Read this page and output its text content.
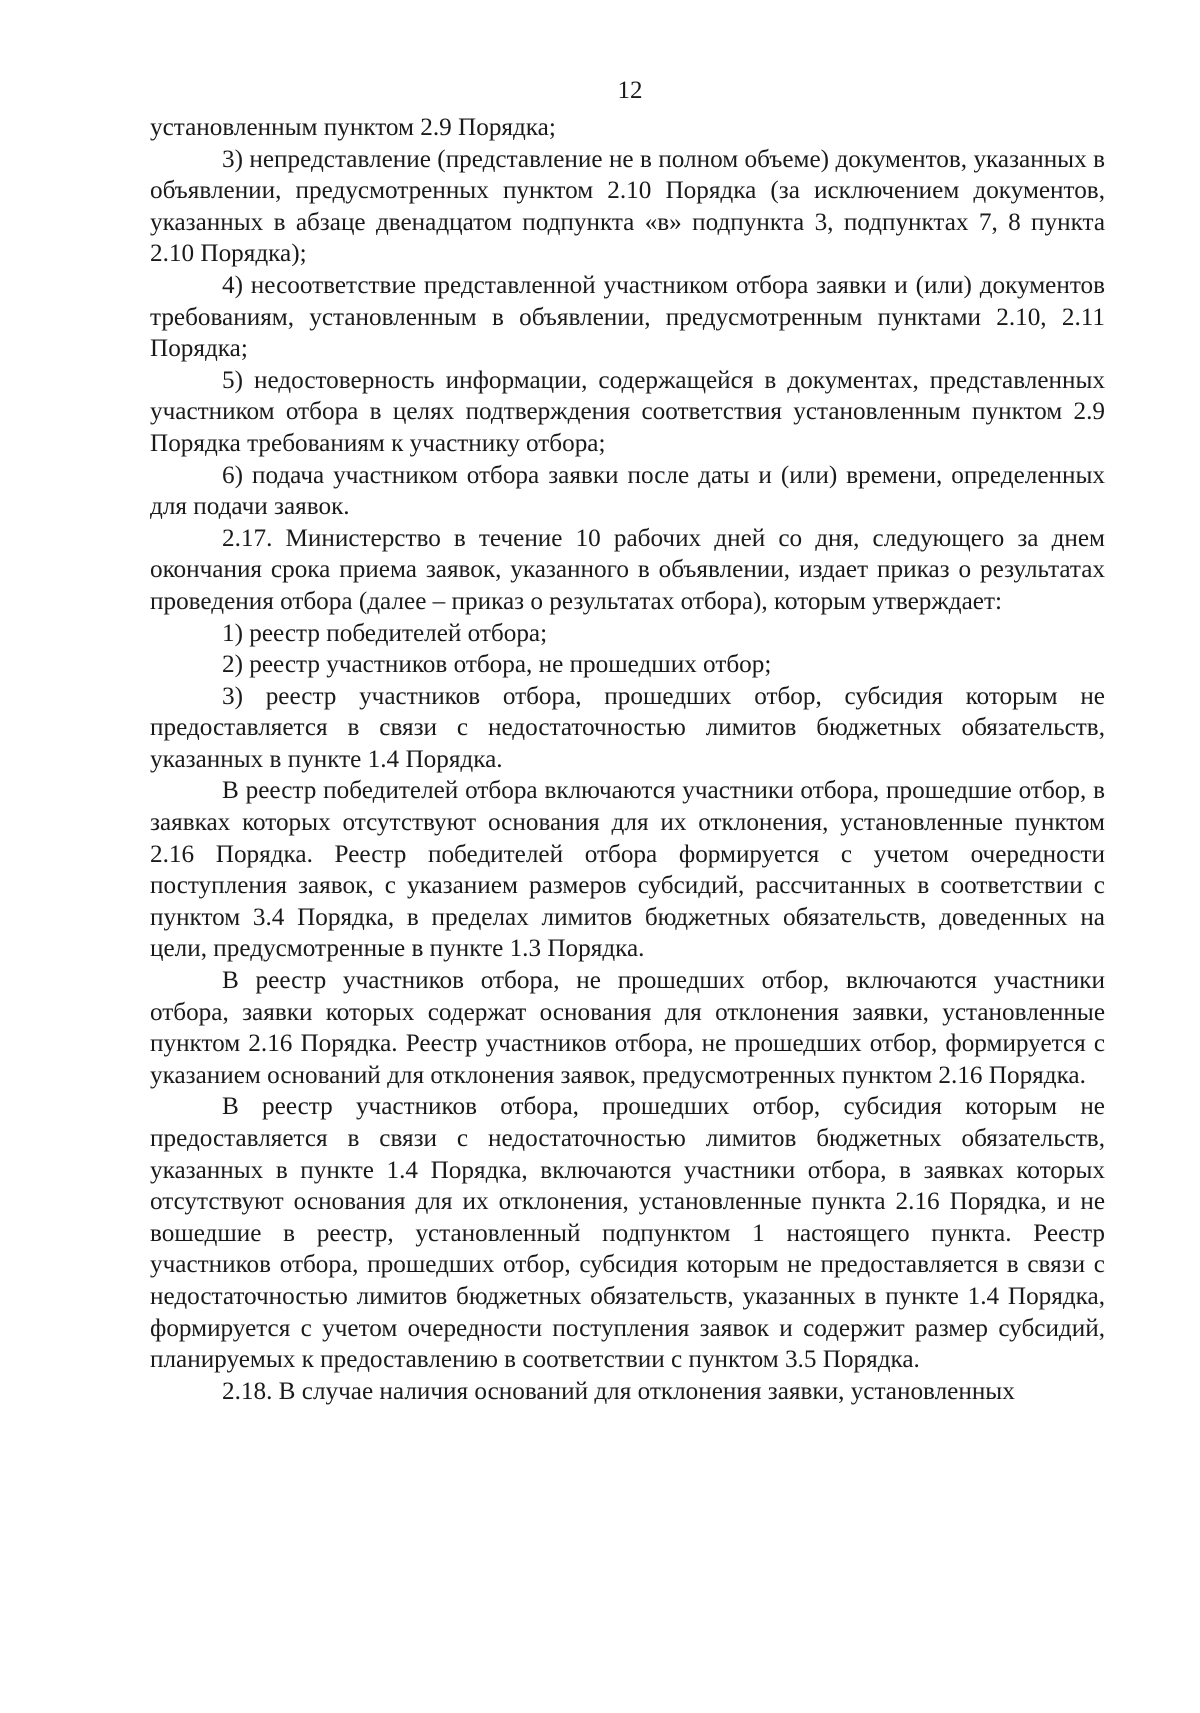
12

установленным пунктом 2.9 Порядка;

3) непредставление (представление не в полном объеме) документов, указанных в объявлении, предусмотренных пунктом 2.10 Порядка (за исключением документов, указанных в абзаце двенадцатом подпункта «в» подпункта 3, подпунктах 7, 8 пункта 2.10 Порядка);

4) несоответствие представленной участником отбора заявки и (или) документов требованиям, установленным в объявлении, предусмотренным пунктами 2.10, 2.11 Порядка;

5) недостоверность информации, содержащейся в документах, представленных участником отбора в целях подтверждения соответствия установленным пунктом 2.9 Порядка требованиям к участнику отбора;

6) подача участником отбора заявки после даты и (или) времени, определенных для подачи заявок.

2.17. Министерство в течение 10 рабочих дней со дня, следующего за днем окончания срока приема заявок, указанного в объявлении, издает приказ о результатах проведения отбора (далее – приказ о результатах отбора), которым утверждает:

1) реестр победителей отбора;

2) реестр участников отбора, не прошедших отбор;

3) реестр участников отбора, прошедших отбор, субсидия которым не предоставляется в связи с недостаточностью лимитов бюджетных обязательств, указанных в пункте 1.4 Порядка.

В реестр победителей отбора включаются участники отбора, прошедшие отбор, в заявках которых отсутствуют основания для их отклонения, установленные пунктом 2.16 Порядка. Реестр победителей отбора формируется с учетом очередности поступления заявок, с указанием размеров субсидий, рассчитанных в соответствии с пунктом 3.4 Порядка, в пределах лимитов бюджетных обязательств, доведенных на цели, предусмотренные в пункте 1.3 Порядка.

В реестр участников отбора, не прошедших отбор, включаются участники отбора, заявки которых содержат основания для отклонения заявки, установленные пунктом 2.16 Порядка. Реестр участников отбора, не прошедших отбор, формируется с указанием оснований для отклонения заявок, предусмотренных пунктом 2.16 Порядка.

В реестр участников отбора, прошедших отбор, субсидия которым не предоставляется в связи с недостаточностью лимитов бюджетных обязательств, указанных в пункте 1.4 Порядка, включаются участники отбора, в заявках которых отсутствуют основания для их отклонения, установленные пункта 2.16 Порядка, и не вошедшие в реестр, установленный подпунктом 1 настоящего пункта. Реестр участников отбора, прошедших отбор, субсидия которым не предоставляется в связи с недостаточностью лимитов бюджетных обязательств, указанных в пункте 1.4 Порядка, формируется с учетом очередности поступления заявок и содержит размер субсидий, планируемых к предоставлению в соответствии с пунктом 3.5 Порядка.

2.18. В случае наличия оснований для отклонения заявки, установленных
